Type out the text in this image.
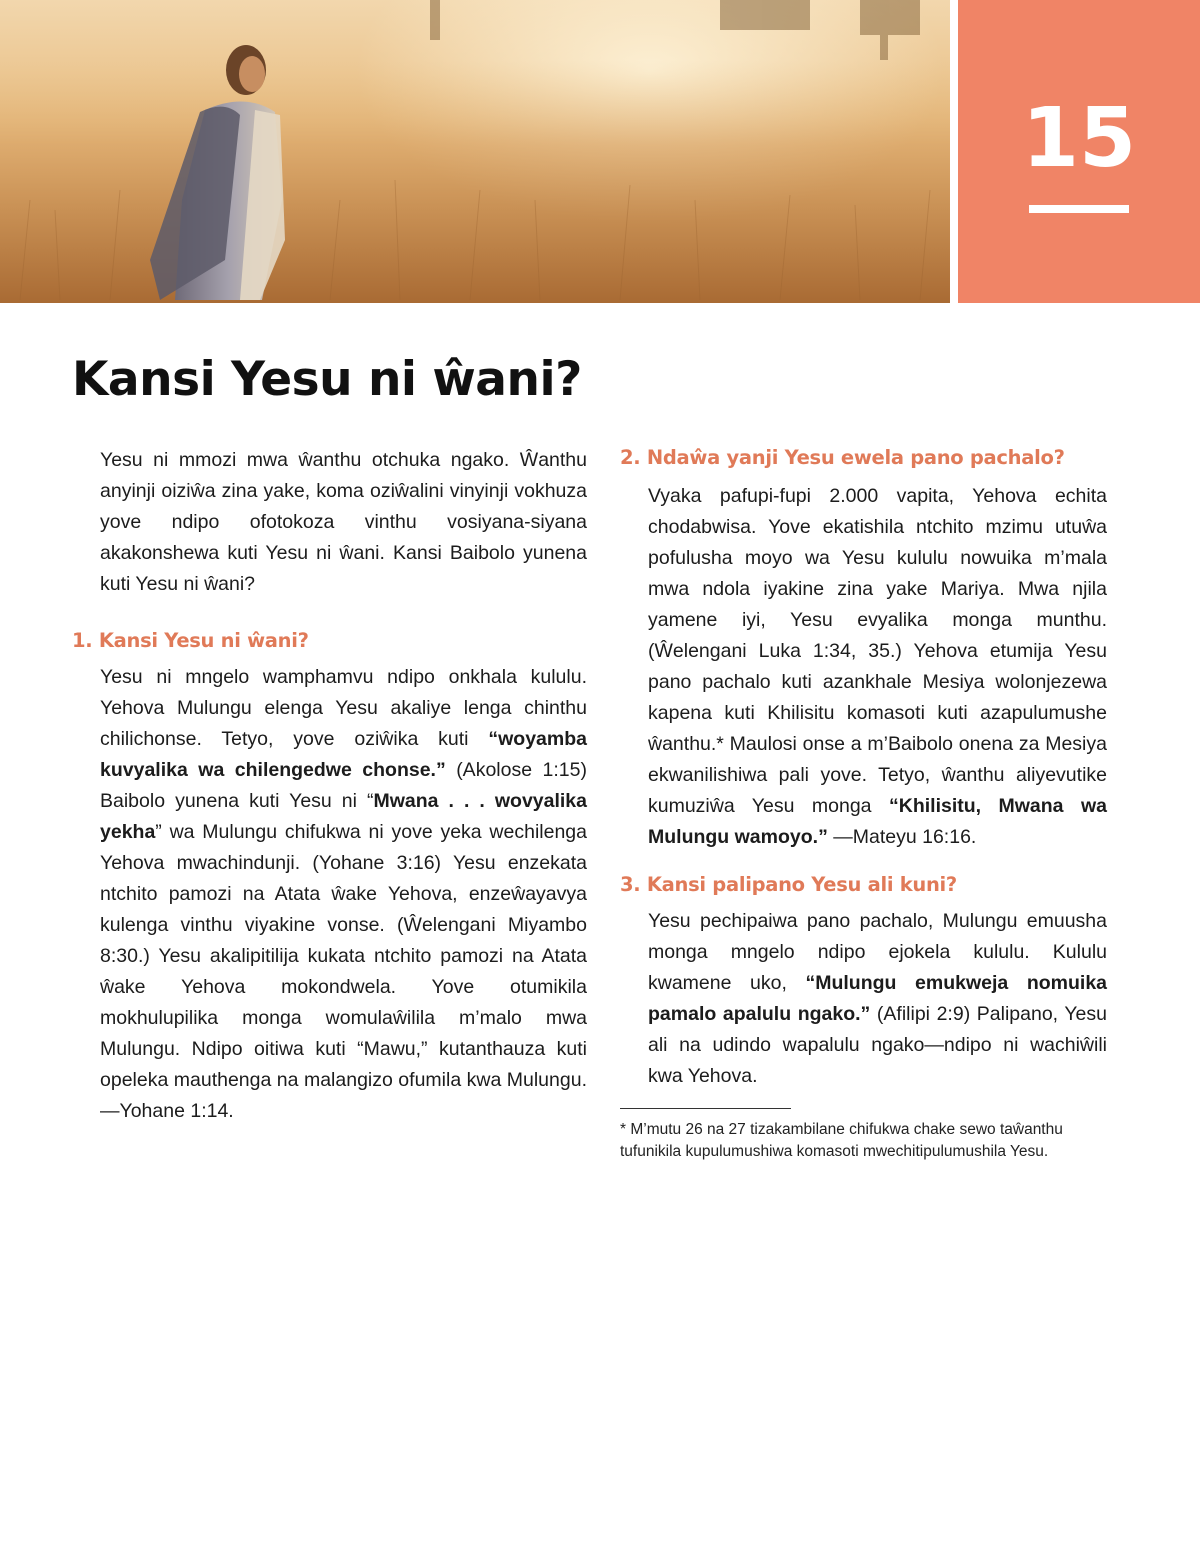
15
Kansi Yesu ni ŵani?

Yesu ni mmozi mwa ŵanthu otchuka ngako. Ŵanthu anyinji oiziŵa zina yake, koma oziŵalini vinyinji vokhuza yove ndipo ofotokoza vinthu vosiyana-siyana akakonshewa kuti Yesu ni ŵani. Kansi Baibolo yunena kuti Yesu ni ŵani?

1. Kansi Yesu ni ŵani?

Yesu ni mngelo wamphamvu ndipo onkhala kululu. Yehova Mulungu elenga Yesu akaliye lenga chinthu chilichonse. Tetyo, yove oziŵika kuti “woyamba kuvyalika wa chilengedwe chonse.” (Akolose 1:15) Baibolo yunena kuti Yesu ni “Mwana . . . wovyalika yekha” wa Mulungu chifukwa ni yove yeka wechilenga Yehova mwachindunji. (Yohane 3:16) Yesu enzekata ntchito pamozi na Atata ŵake Yehova, enzeŵayavya kulenga vinthu viyakine vonse. (Ŵelengani Miyambo 8:30.) Yesu akalipitilija kukata ntchito pamozi na Atata ŵake Yehova mokondwela. Yove otumikila mokhulupilika monga womulaŵilila m’malo mwa Mulungu. Ndipo oitiwa kuti “Mawu,” kutanthauza kuti opeleka mauthenga na malangizo ofumila kwa Mulungu.—Yohane 1:14.

2. Ndaŵa yanji Yesu ewela pano pachalo?

Vyaka pafupi-fupi 2.000 vapita, Yehova echita chodabwisa. Yove ekatishila ntchito mzimu utuŵa pofulusha moyo wa Yesu kululu nowuika m’mala mwa ndola iyakine zina yake Mariya. Mwa njila yamene iyi, Yesu evyalika monga munthu. (Ŵelengani Luka 1:34, 35.) Yehova etumija Yesu pano pachalo kuti azankhale Mesiya wolonjezewa kapena kuti Khilisitu komasoti kuti azapulumushe ŵanthu.* Maulosi onse a m’Baibolo onena za Mesiya ekwanilishiwa pali yove. Tetyo, ŵanthu aliyevutike kumuziŵa Yesu monga “Khilisitu, Mwana wa Mulungu wamoyo.” —Mateyu 16:16.

3. Kansi palipano Yesu ali kuni?

Yesu pechipaiwa pano pachalo, Mulungu emuusha monga mngelo ndipo ejokela kululu. Kululu kwamene uko, “Mulungu emukweja nomuika pamalo apalulu ngako.” (Afilipi 2:9) Palipano, Yesu ali na udindo wapalulu ngako—ndipo ni wachiŵili kwa Yehova.

* M’mutu 26 na 27 tizakambilane chifukwa chake sewo taŵanthu tufunikila kupulumushiwa komasoti mwechitipulumushila Yesu.
